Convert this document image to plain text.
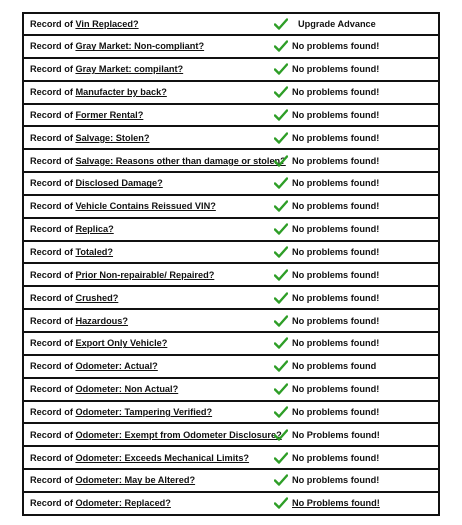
Record of Vin Replaced?	Upgrade Advance
Record of Gray Market: Non-compliant?	No problems found!
Record of Gray Market: compilant?	No problems found!
Record of Manufacter by back?	No problems found!
Record of Former Rental?	No problems found!
Record of Salvage: Stolen?	No problems found!
Record of Salvage: Reasons other than damage or stolen? No problems found!
Record of Disclosed Damage?	No problems found!
Record of Vehicle Contains Reissued VIN?	No problems found!
Record of Replica?	No problems found!
Record of Totaled?	No problems found!
Record of Prior Non-repairable/ Repaired?	No problems found!
Record of Crushed?	No problems found!
Record of Hazardous?	No problems found!
Record of Export Only Vehicle?	No problems found!
Record of Odometer: Actual?	No problems found
Record of Odometer: Non Actual?	No problems found!
Record of Odometer: Tampering Verified?	No problems found!
Record of Odometer: Exempt from Odometer Disclosure? No Problems found!
Record of Odometer: Exceeds Mechanical Limits?	No problems found!
Record of Odometer: May be Altered?	No problems found!
Record of Odometer: Replaced?	No Problems found!
